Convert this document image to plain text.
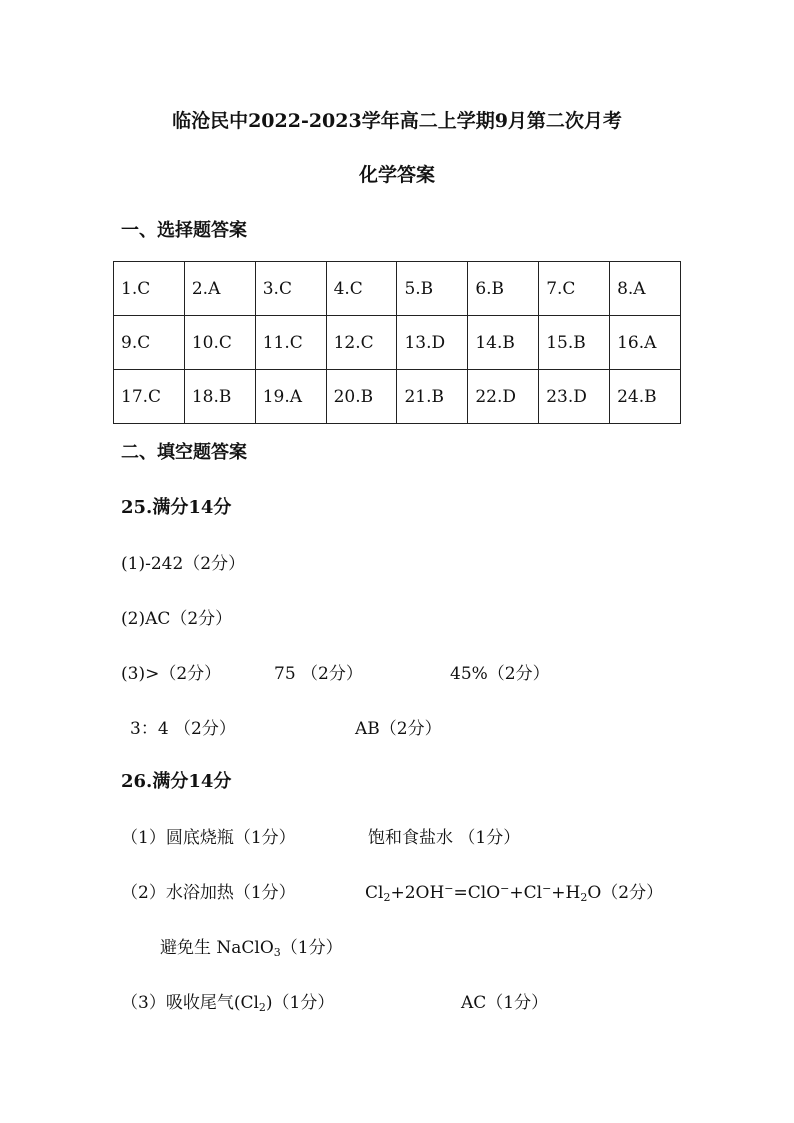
临沧民中2022-2023学年高二上学期9月第二次月考
化学答案
一、选择题答案
1.C	2.A	3.C	4.C	5.B	6.B	7.C	8.A
9.C	10.C	11.C	12.C	13.D	14.B	15.B	16.A
17.C	18.B	19.A	20.B	21.B	22.D	23.D	24.B
二、填空题答案
25.满分14分
(1)-242（2分）
(2)AC（2分）
(3)>（2分）	75 （2分）	45%（2分）
3：4 （2分）	AB（2分）
26.满分14分
（1）圆底烧瓶（1分）	饱和食盐水 （1分）
（2）水浴加热（1分）	$Cl_2+2OH^-=ClO^-+Cl^-+H_2O(2$分）
避免生 NaClO$_3$（1分）
（3）吸收尾气$(Cl_2)(1$分）	AC（1分）
